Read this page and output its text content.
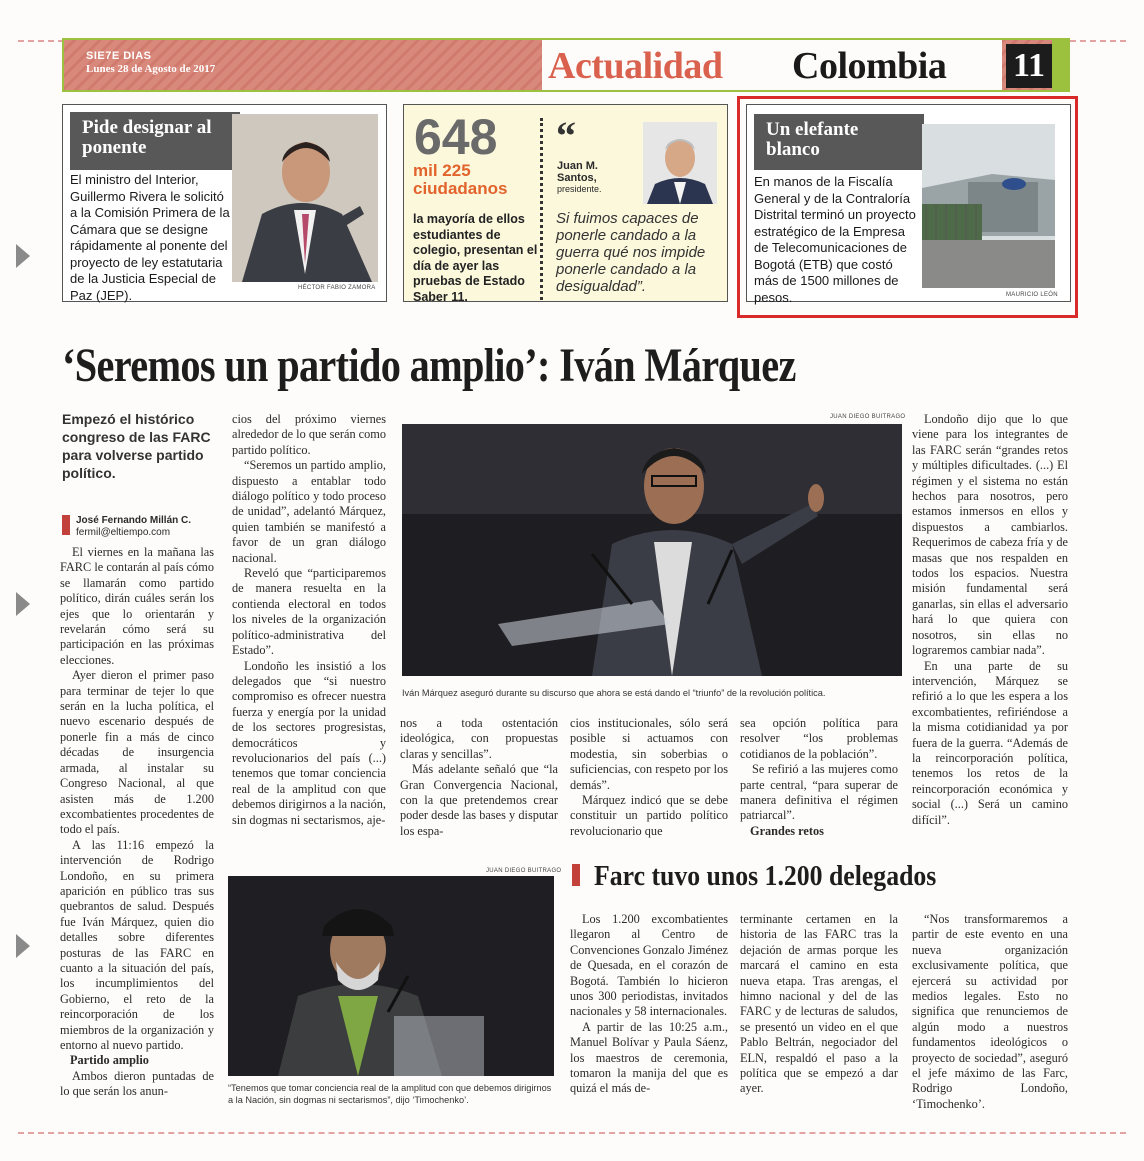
SIE7E DIAS
Lunes 28 de Agosto de 2017	Actualidad Colombia 11
Pide designar al ponente
El ministro del Interior, Guillermo Rivera le solicitó a la Comisión Primera de la Cámara que se designe rápidamente al ponente del proyecto de ley estatutaria de la Justicia Especial de Paz (JEP).	HÉCTOR FABIO ZAMORA
648
mil 225 ciudadanos
la mayoría de ellos estudiantes de colegio, presentan el día de ayer las pruebas de Estado Saber 11.
“
Juan M. Santos,
presidente.
Si fuimos capaces de ponerle candado a la guerra qué nos impide ponerle candado a la desigualdad”.
Un elefante blanco
En manos de la Fiscalía General y de la Contraloría Distrital terminó un proyecto estratégico de la Empresa de Telecomunicaciones de Bogotá (ETB) que costó más de 1500 millones de pesos.	MAURICIO LEÓN
‘Seremos un partido amplio’: Iván Márquez
Empezó el histórico congreso de las FARC para volverse partido político.
José Fernando Millán C.
fermil@eltiempo.com

El viernes en la mañana las FARC le contarán al país cómo se llamarán como partido político, dirán cuáles serán los ejes que lo orientarán y revelarán cómo será su participación en las próximas elecciones.

Ayer dieron el primer paso para terminar de tejer lo que serán en la lucha política, el nuevo escenario después de ponerle fin a más de cinco décadas de insurgencia armada, al instalar su Congreso Nacional, al que asisten más de 1.200 excombatientes procedentes de todo el país.

A las 11:16 empezó la intervención de Rodrigo Londoño, en su primera aparición en público tras sus quebrantos de salud. Después fue Iván Márquez, quien dio detalles sobre diferentes posturas de las FARC en cuanto a la situación del país, los incumplimientos del Gobierno, el reto de la reincorporación de los miembros de la organización y entorno al nuevo partido.

Partido amplio

Ambos dieron puntadas de lo que serán los anun-

cios del próximo viernes alrededor de lo que serán como partido político.

“Seremos un partido amplio, dispuesto a entablar todo diálogo político y todo proceso de unidad”, adelantó Márquez, quien también se manifestó a favor de un gran diálogo nacional.

Reveló que “participaremos de manera resuelta en la contienda electoral en todos los niveles de la organización político-administrativa del Estado”.

Londoño les insistió a los delegados que “si nuestro compromiso es ofrecer nuestra fuerza y energía por la unidad de los sectores progresistas, democráticos y revolucionarios del país (...) tenemos que tomar conciencia real de la amplitud con que debemos dirigirnos a la nación, sin dogmas ni sectarismos, aje-

JUAN DIEGO BUITRAGO
Iván Márquez aseguró durante su discurso que ahora se está dando el “triunfo” de la revolución política.

nos a toda ostentación ideológica, con propuestas claras y sencillas”.

Más adelante señaló que “la Gran Convergencia Nacional, con la que pretendemos crear poder desde las bases y disputar los espa-

cios institucionales, sólo será posible si actuamos con modestia, sin soberbias o suficiencias, con respeto por los demás”.

Márquez indicó que se debe constituir un partido político revolucionario que

sea opción política para resolver “los problemas cotidianos de la población”.

Se refirió a las mujeres como parte central, “para superar de manera definitiva el régimen patriarcal”.

Grandes retos

Londoño dijo que lo que viene para los integrantes de las FARC serán “grandes retos y múltiples dificultades. (...) El régimen y el sistema no están hechos para nosotros, pero estamos inmersos en ellos y dispuestos a cambiarlos. Requerimos de cabeza fría y de masas que nos respalden en todos los espacios. Nuestra misión fundamental será ganarlas, sin ellas el adversario hará lo que quiera con nosotros, sin ellas no lograremos cambiar nada”.

En una parte de su intervención, Márquez se refirió a lo que les espera a los excombatientes, refiriéndose a la misma cotidianidad ya por fuera de la guerra. “Además de la reincorporación política, tenemos los retos de la reincorporación económica y social (...) Será un camino difícil”.

JUAN DIEGO BUITRAGO
“Tenemos que tomar conciencia real de la amplitud con que debemos dirigirnos a la Nación, sin dogmas ni sectarismos”, dijo ‘Timochenko’.
Farc tuvo unos 1.200 delegados

Los 1.200 excombatientes llegaron al Centro de Convenciones Gonzalo Jiménez de Quesada, en el corazón de Bogotá. También lo hicieron unos 300 periodistas, invitados nacionales y 58 internacionales.

A partir de las 10:25 a.m., Manuel Bolívar y Paula Sáenz, los maestros de ceremonia, tomaron la manija del que es quizá el más de-

terminante certamen en la historia de las FARC tras la dejación de armas porque les marcará el camino en esta nueva etapa. Tras arengas, el himno nacional y del de las FARC y de lecturas de saludos, se presentó un video en el que Pablo Beltrán, negociador del ELN, respaldó el paso a la política que se empezó a dar ayer.

“Nos transformaremos a partir de este evento en una nueva organización exclusivamente política, que ejercerá su actividad por medios legales. Esto no significa que renunciemos de algún modo a nuestros fundamentos ideológicos o proyecto de sociedad”, aseguró el jefe máximo de las Farc, Rodrigo Londoño, ‘Timochenko’.
